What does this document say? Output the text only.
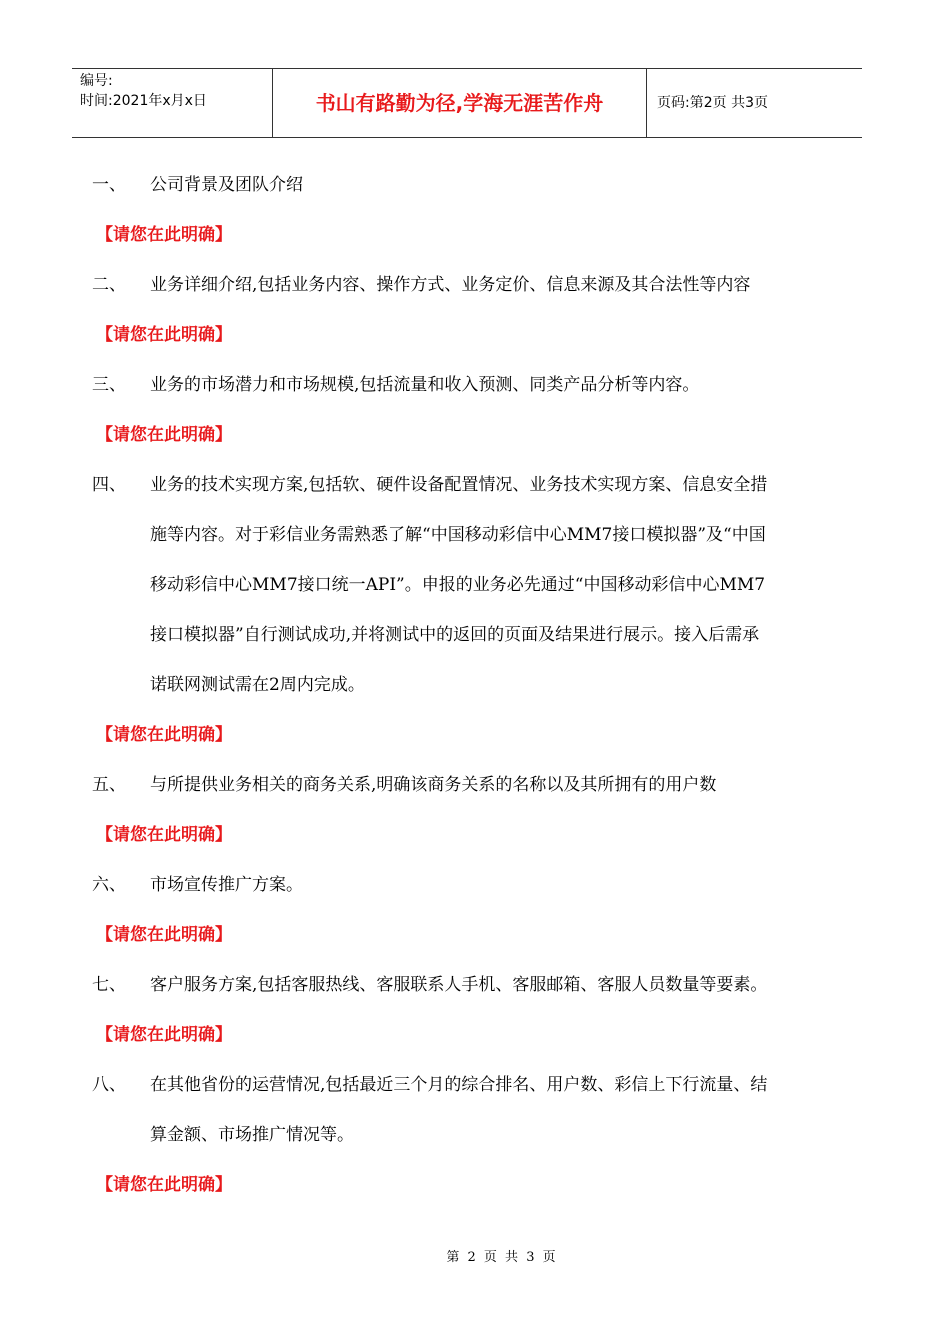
编号:
时间:2021年x月x日	书山有路勤为径,学海无涯苦作舟	页码:第2页 共3页
一、 公司背景及团队介绍
【请您在此明确】
二、 业务详细介绍,包括业务内容、操作方式、业务定价、信息来源及其合法性等内容
【请您在此明确】
三、 业务的市场潜力和市场规模,包括流量和收入预测、同类产品分析等内容。
【请您在此明确】
四、 业务的技术实现方案,包括软、硬件设备配置情况、业务技术实现方案、信息安全措
施等内容。对于彩信业务需熟悉了解“中国移动彩信中心MM7接口模拟器”及“中国
移动彩信中心MM7接口统一API”。申报的业务必先通过“中国移动彩信中心MM7
接口模拟器”自行测试成功,并将测试中的返回的页面及结果进行展示。接入后需承
诺联网测试需在2周内完成。
【请您在此明确】
五、 与所提供业务相关的商务关系,明确该商务关系的名称以及其所拥有的用户数
【请您在此明确】
六、 市场宣传推广方案。
【请您在此明确】
七、 客户服务方案,包括客服热线、客服联系人手机、客服邮箱、客服人员数量等要素。
【请您在此明确】
八、 在其他省份的运营情况,包括最近三个月的综合排名、用户数、彩信上下行流量、结
算金额、市场推广情况等。
【请您在此明确】
第 2 页 共 3 页
